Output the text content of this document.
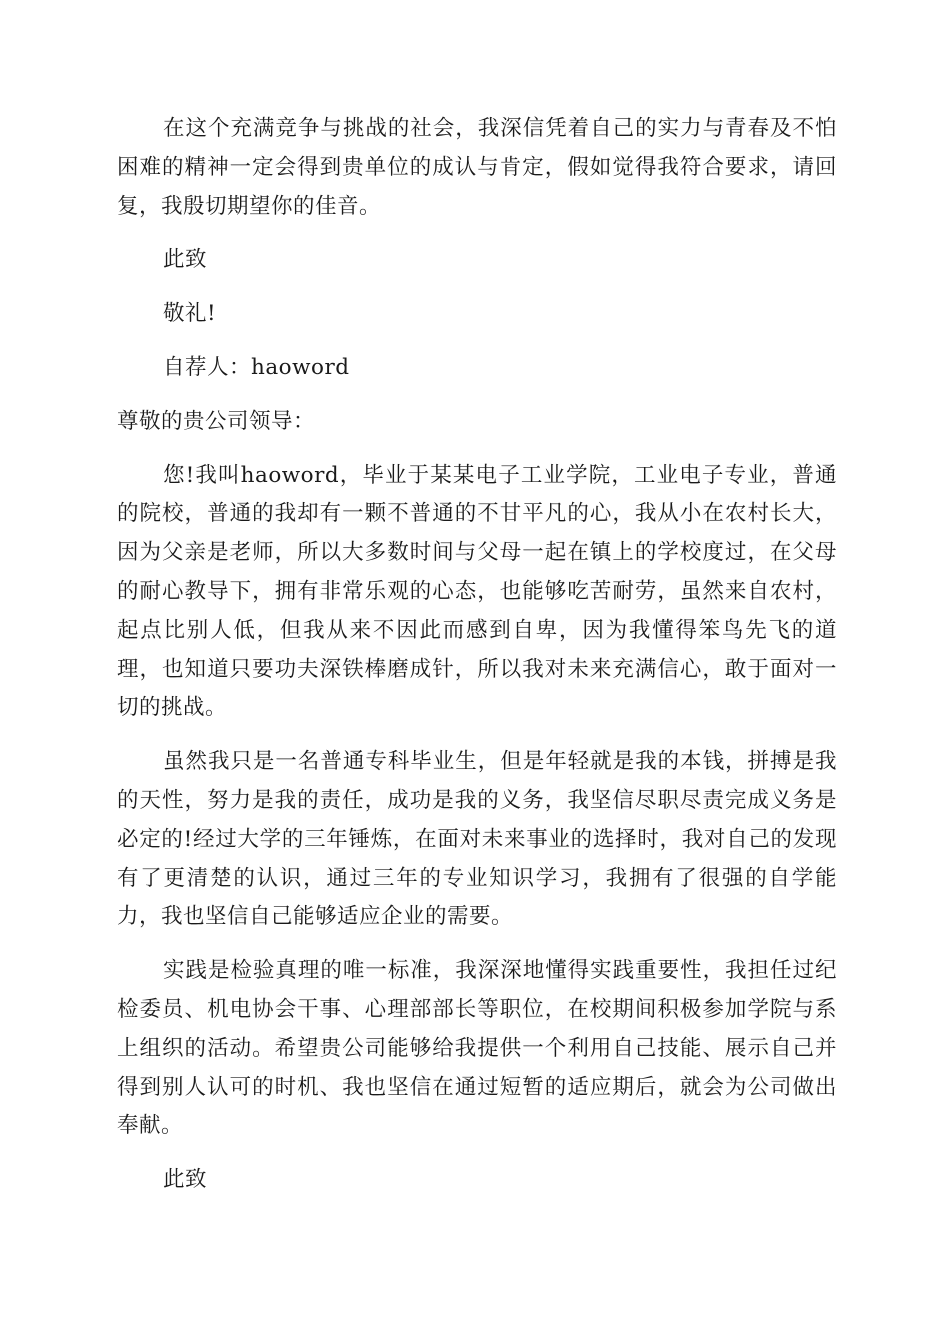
在这个充满竞争与挑战的社会，我深信凭着自己的实力与青春及不怕困难的精神一定会得到贵单位的成认与肯定，假如觉得我符合要求，请回复，我殷切期望你的佳音。

此致

敬礼!

自荐人：haoword

尊敬的贵公司领导：

您!我叫haoword，毕业于某某电子工业学院，工业电子专业，普通的院校，普通的我却有一颗不普通的不甘平凡的心，我从小在农村长大，因为父亲是老师，所以大多数时间与父母一起在镇上的学校度过，在父母的耐心教导下，拥有非常乐观的心态，也能够吃苦耐劳，虽然来自农村，起点比别人低，但我从来不因此而感到自卑，因为我懂得笨鸟先飞的道理，也知道只要功夫深铁棒磨成针，所以我对未来充满信心，敢于面对一切的挑战。

虽然我只是一名普通专科毕业生，但是年轻就是我的本钱，拼搏是我的天性，努力是我的责任，成功是我的义务，我坚信尽职尽责完成义务是必定的!经过大学的三年锤炼，在面对未来事业的选择时，我对自己的发现有了更清楚的认识，通过三年的专业知识学习，我拥有了很强的自学能力，我也坚信自己能够适应企业的需要。

实践是检验真理的唯一标准，我深深地懂得实践重要性，我担任过纪检委员、机电协会干事、心理部部长等职位，在校期间积极参加学院与系上组织的活动。希望贵公司能够给我提供一个利用自己技能、展示自己并得到别人认可的时机、我也坚信在通过短暂的适应期后，就会为公司做出奉献。

此致
